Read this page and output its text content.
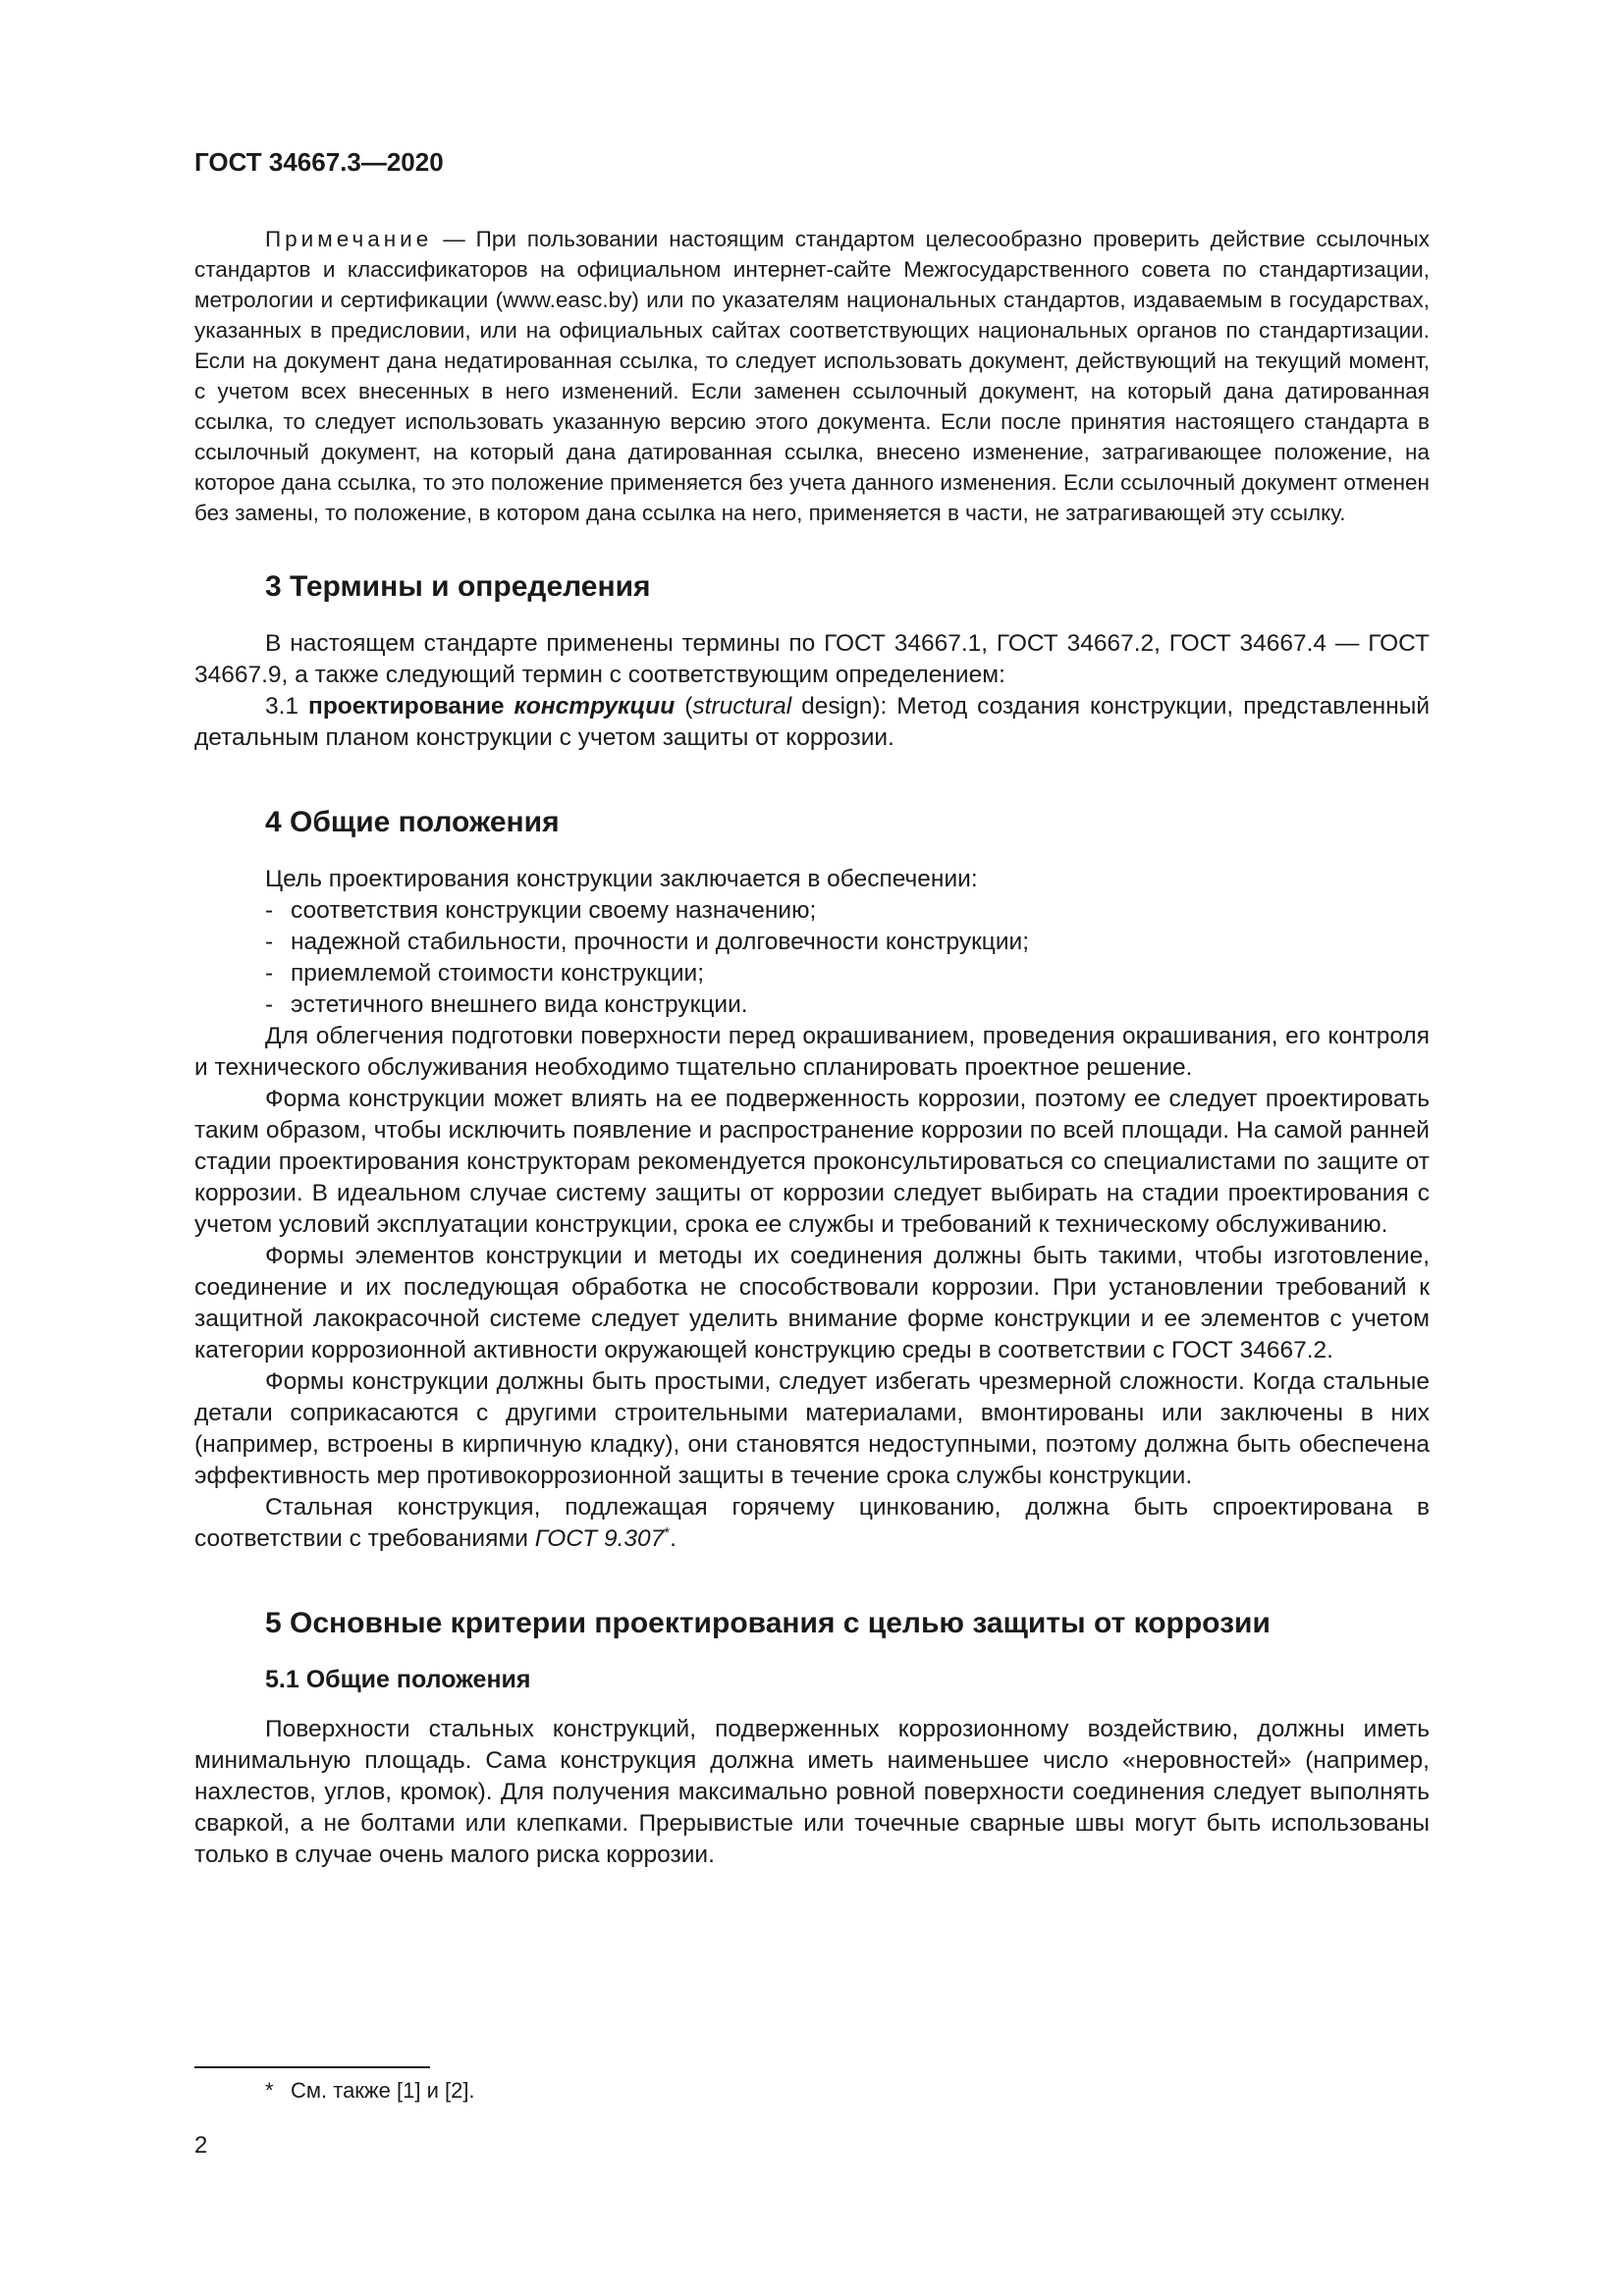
ГОСТ 34667.3—2020

Примечание — При пользовании настоящим стандартом целесообразно проверить действие ссылочных стандартов и классификаторов на официальном интернет-сайте Межгосударственного совета по стандартизации, метрологии и сертификации (www.easc.by) или по указателям национальных стандартов, издаваемым в государствах, указанных в предисловии, или на официальных сайтах соответствующих национальных органов по стандартизации. Если на документ дана недатированная ссылка, то следует использовать документ, действующий на текущий момент, с учетом всех внесенных в него изменений. Если заменен ссылочный документ, на который дана датированная ссылка, то следует использовать указанную версию этого документа. Если после принятия настоящего стандарта в ссылочный документ, на который дана датированная ссылка, внесено изменение, затрагивающее положение, на которое дана ссылка, то это положение применяется без учета данного изменения. Если ссылочный документ отменен без замены, то положение, в котором дана ссылка на него, применяется в части, не затрагивающей эту ссылку.

3 Термины и определения

В настоящем стандарте применены термины по ГОСТ 34667.1, ГОСТ 34667.2, ГОСТ 34667.4 — ГОСТ 34667.9, а также следующий термин с соответствующим определением:

3.1 проектирование конструкции (structural design): Метод создания конструкции, представленный детальным планом конструкции с учетом защиты от коррозии.

4 Общие положения

Цель проектирования конструкции заключается в обеспечении:

- соответствия конструкции своему назначению;
- надежной стабильности, прочности и долговечности конструкции;
- приемлемой стоимости конструкции;
- эстетичного внешнего вида конструкции.

Для облегчения подготовки поверхности перед окрашиванием, проведения окрашивания, его контроля и технического обслуживания необходимо тщательно спланировать проектное решение.

Форма конструкции может влиять на ее подверженность коррозии, поэтому ее следует проектировать таким образом, чтобы исключить появление и распространение коррозии по всей площади. На самой ранней стадии проектирования конструкторам рекомендуется проконсультироваться со специалистами по защите от коррозии. В идеальном случае систему защиты от коррозии следует выбирать на стадии проектирования с учетом условий эксплуатации конструкции, срока ее службы и требований к техническому обслуживанию.

Формы элементов конструкции и методы их соединения должны быть такими, чтобы изготовление, соединение и их последующая обработка не способствовали коррозии. При установлении требований к защитной лакокрасочной системе следует уделить внимание форме конструкции и ее элементов с учетом категории коррозионной активности окружающей конструкцию среды в соответствии с ГОСТ 34667.2.

Формы конструкции должны быть простыми, следует избегать чрезмерной сложности. Когда стальные детали соприкасаются с другими строительными материалами, вмонтированы или заключены в них (например, встроены в кирпичную кладку), они становятся недоступными, поэтому должна быть обеспечена эффективность мер противокоррозионной защиты в течение срока службы конструкции.

Стальная конструкция, подлежащая горячему цинкованию, должна быть спроектирована в соответствии с требованиями ГОСТ 9.307*.

5 Основные критерии проектирования с целью защиты от коррозии
5.1 Общие положения

Поверхности стальных конструкций, подверженных коррозионному воздействию, должны иметь минимальную площадь. Сама конструкция должна иметь наименьшее число «неровностей» (например, нахлестов, углов, кромок). Для получения максимально ровной поверхности соединения следует выполнять сваркой, а не болтами или клепками. Прерывистые или точечные сварные швы могут быть использованы только в случае очень малого риска коррозии.

* См. также [1] и [2].
2
